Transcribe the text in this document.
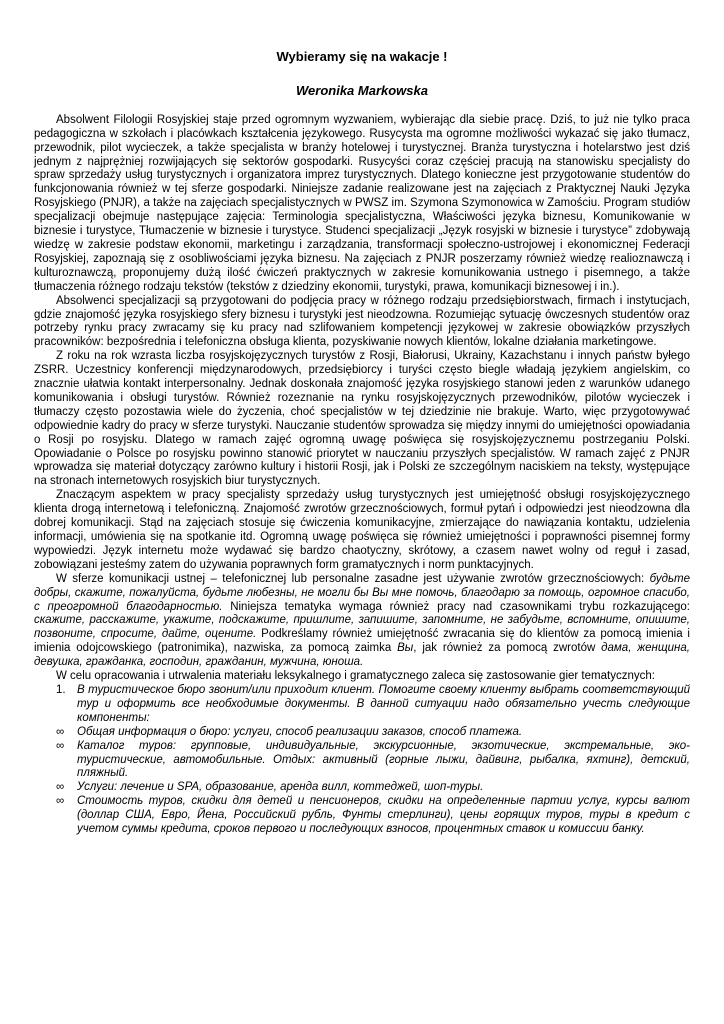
Wybieramy się na wakacje !
Weronika Markowska

Absolwent Filologii Rosyjskiej staje przed ogromnym wyzwaniem, wybierając dla siebie pracę. Dziś, to już nie tylko praca pedagogiczna w szkołach i placówkach kształcenia językowego. Rusycysta ma ogromne możliwości wykazać się jako tłumacz, przewodnik, pilot wycieczek, a także specjalista w branży hotelowej i turystycznej. Branża turystyczna i hotelarstwo jest dziś jednym z najprężniej rozwijających się sektorów gospodarki. Rusycyści coraz częściej pracują na stanowisku specjalisty do spraw sprzedaży usług turystycznych i organizatora imprez turystycznych. Dlatego konieczne jest przygotowanie studentów do funkcjonowania również w tej sferze gospodarki. Niniejsze zadanie realizowane jest na zajęciach z Praktycznej Nauki Języka Rosyjskiego (PNJR), a także na zajęciach specjalistycznych w PWSZ im. Szymona Szymonowica w Zamościu. Program studiów specjalizacji obejmuje następujące zajęcia: Terminologia specjalistyczna, Właściwości języka biznesu, Komunikowanie w biznesie i turystyce, Tłumaczenie w biznesie i turystyce. Studenci specjalizacji „Język rosyjski w biznesie i turystyce” zdobywają wiedzę w zakresie podstaw ekonomii, marketingu i zarządzania, transformacji społeczno-ustrojowej i ekonomicznej Federacji Rosyjskiej, zapoznają się z osobliwościami języka biznesu. Na zajęciach z PNJR poszerzamy również wiedzę realioznawczą i kulturoznawczą, proponujemy dużą ilość ćwiczeń praktycznych w zakresie komunikowania ustnego i pisemnego, a także tłumaczenia różnego rodzaju tekstów (tekstów z dziedziny ekonomii, turystyki, prawa, komunikacji biznesowej i in.).

Absolwenci specjalizacji są przygotowani do podjęcia pracy w różnego rodzaju przedsiębiorstwach, firmach i instytucjach, gdzie znajomość języka rosyjskiego sfery biznesu i turystyki jest nieodzowna. Rozumiejąc sytuację ówczesnych studentów oraz potrzeby rynku pracy zwracamy się ku pracy nad szlifowaniem kompetencji językowej w zakresie obowiązków przyszłych pracowników: bezpośrednia i telefoniczna obsługa klienta, pozyskiwanie nowych klientów, lokalne działania marketingowe.

Z roku na rok wzrasta liczba rosyjskojęzycznych turystów z Rosji, Białorusi, Ukrainy, Kazachstanu i innych państw byłego ZSRR. Uczestnicy konferencji międzynarodowych, przedsiębiorcy i turyści często biegle władają językiem angielskim, co znacznie ułatwia kontakt interpersonalny. Jednak doskonała znajomość języka rosyjskiego stanowi jeden z warunków udanego komunikowania i obsługi turystów. Również rozeznanie na rynku rosyjskojęzycznych przewodników, pilotów wycieczek i tłumaczy często pozostawia wiele do życzenia, choć specjalistów w tej dziedzinie nie brakuje. Warto, więc przygotowywać odpowiednie kadry do pracy w sferze turystyki. Nauczanie studentów sprowadza się między innymi do umiejętności opowiadania o Rosji po rosyjsku. Dlatego w ramach zajęć ogromną uwagę poświęca się rosyjskojęzycznemu postrzeganiu Polski. Opowiadanie o Polsce po rosyjsku powinno stanowić priorytet w nauczaniu przyszłych specjalistów. W ramach zajęć z PNJR wprowadza się materiał dotyczący zarówno kultury i historii Rosji, jak i Polski ze szczególnym naciskiem na teksty, występujące na stronach internetowych rosyjskich biur turystycznych.

Znaczącym aspektem w pracy specjalisty sprzedaży usług turystycznych jest umiejętność obsługi rosyjskojęzycznego klienta drogą internetową i telefoniczną. Znajomość zwrotów grzecznościowych, formuł pytań i odpowiedzi jest nieodzowna dla dobrej komunikacji. Stąd na zajęciach stosuje się ćwiczenia komunikacyjne, zmierzające do nawiązania kontaktu, udzielenia informacji, umówienia się na spotkanie itd. Ogromną uwagę poświęca się również umiejętności i poprawności pisemnej formy wypowiedzi. Język internetu może wydawać się bardzo chaotyczny, skrótowy, a czasem nawet wolny od reguł i zasad, zobowiązani jesteśmy zatem do używania poprawnych form gramatycznych i norm punktacyjnych.

W sferze komunikacji ustnej – telefonicznej lub personalne zasadne jest używanie zwrotów grzecznościowych: будьте добры, скажите, пожалуйста, будьте любезны, не могли бы Вы мне помочь, благодарю за помощь, огромное спасибо, с преогромной благодарностью. Niniejsza tematyka wymaga również pracy nad czasownikami trybu rozkazującego: скажите, расскажите, укажите, подскажите, пришлите, запишите, запомните, не забудьте, вспомните, опишите, позвоните, спросите, дайте, оцените. Podkreślamy również umiejętność zwracania się do klientów za pomocą imienia i imienia odojcowskiego (patronimika), nazwiska, za pomocą zaimka Вы, jak również za pomocą zwrotów дама, женщина, девушка, гражданка, господин, гражданин, мужчина, юноша.

W celu opracowania i utrwalenia materiału leksykalnego i gramatycznego zaleca się zastosowanie gier tematycznych:

1. В туристическое бюро звонит/или приходит клиент. Помогите своему клиенту выбрать соответствующий тур и оформить все необходимые документы. В данной ситуации надо обязательно учесть следующие компоненты:
∞ Общая информация о бюро: услуги, способ реализации заказов, способ платежа.
∞ Каталог туров: групповые, индивидуальные, экскурсионные, экзотические, экстремальные, эко-туристические, автомобильные. Отдых: активный (горные лыжи, дайвинг, рыбалка, яхтинг), детский, пляжный.
∞ Услуги: лечение и SPA, образование, аренда вилл, коттеджей, шоп-туры.
∞ Стоимость туров, скидки для детей и пенсионеров, скидки на определенные партии услуг, курсы валют (доллар США, Евро, Йена, Российский рубль, Фунты стерлинги), цены горящих туров, туры в кредит с учетом суммы кредита, сроков первого и последующих взносов, процентных ставок и комиссии банку.
